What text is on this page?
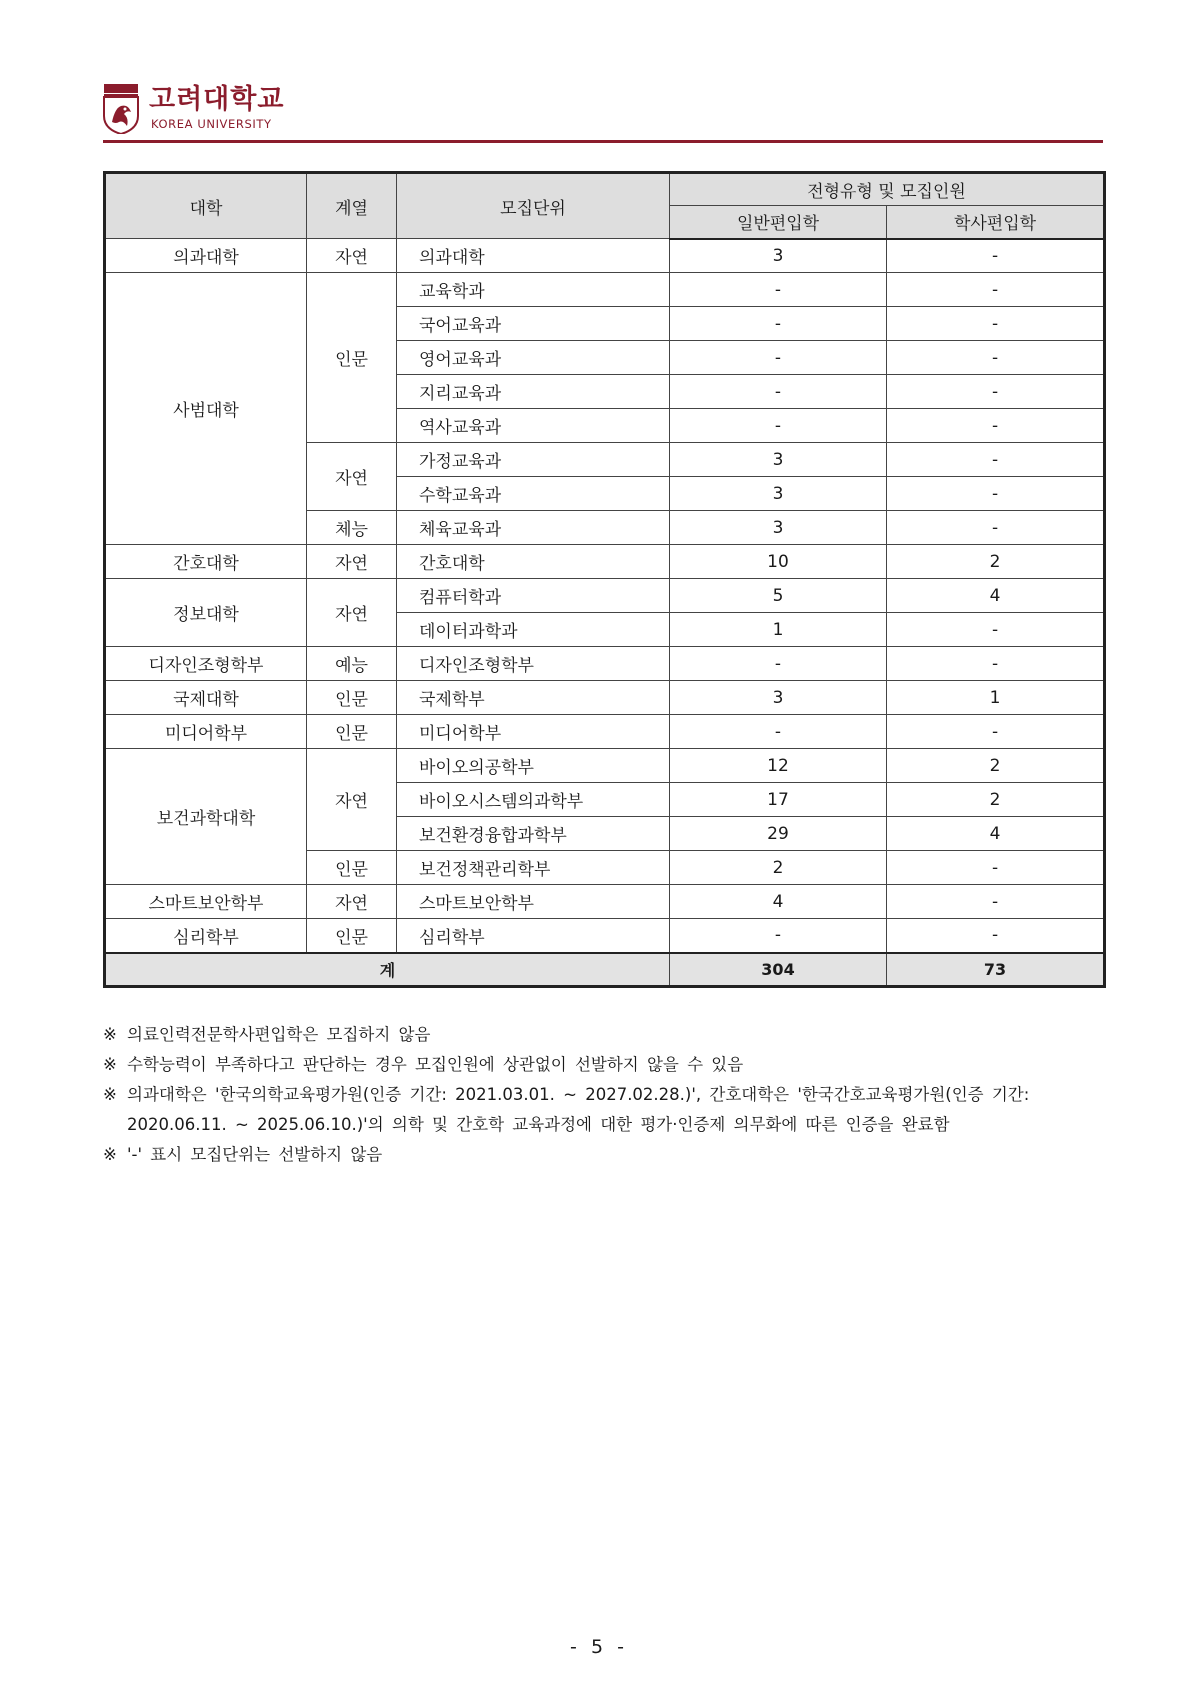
고려대학교
KOREA UNIVERSITY
대학	계열	모집단위	전형유형 및 모집인원	
			일반편입학	학사편입학
의과대학	자연	의과대학	3	-
사범대학	인문	교육학과	-	-
		국어교육과	-	-
		영어교육과	-	-
		지리교육과	-	-
		역사교육과	-	-
	자연	가정교육과	3	-
		수학교육과	3	-
	체능	체육교육과	3	-
간호대학	자연	간호대학	10	2
정보대학	자연	컴퓨터학과	5	4
		데이터과학과	1	-
디자인조형학부	예능	디자인조형학부	-	-
국제대학	인문	국제학부	3	1
미디어학부	인문	미디어학부	-	-
보건과학대학	자연	바이오의공학부	12	2
		바이오시스템의과학부	17	2
		보건환경융합과학부	29	4
	인문	보건정책관리학부	2	-
스마트보안학부	자연	스마트보안학부	4	-
심리학부	인문	심리학부	-	-
계			304	73
※ 의료인력전문학사편입학은 모집하지 않음
※ 수학능력이 부족하다고 판단하는 경우 모집인원에 상관없이 선발하지 않을 수 있음
※ 의과대학은 '한국의학교육평가원(인증 기간: 2021.03.01. ~ 2027.02.28.)', 간호대학은 '한국간호교육평가원(인증 기간: 2020.06.11. ~ 2025.06.10.)'의 의학 및 간호학 교육과정에 대한 평가·인증제 의무화에 따른 인증을 완료함
※ '-' 표시 모집단위는 선발하지 않음
- 5 -
